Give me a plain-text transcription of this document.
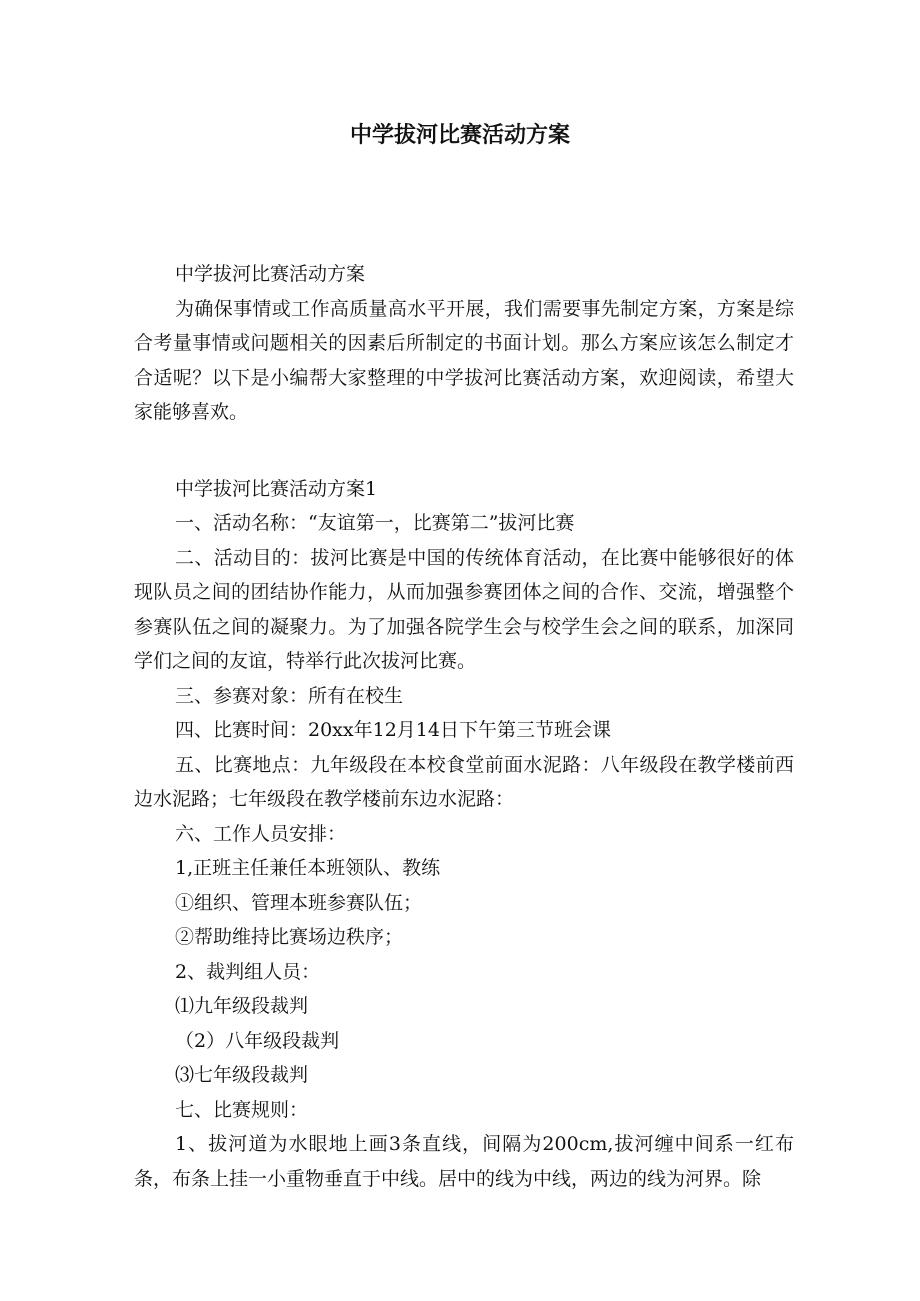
中学拔河比赛活动方案

中学拔河比赛活动方案

为确保事情或工作高质量高水平开展，我们需要事先制定方案，方案是综合考量事情或问题相关的因素后所制定的书面计划。那么方案应该怎么制定才合适呢？以下是小编帮大家整理的中学拔河比赛活动方案，欢迎阅读，希望大家能够喜欢。

中学拔河比赛活动方案1

一、活动名称：“友谊第一，比赛第二”拔河比赛

二、活动目的：拔河比赛是中国的传统体育活动，在比赛中能够很好的体现队员之间的团结协作能力，从而加强参赛团体之间的合作、交流，增强整个参赛队伍之间的凝聚力。为了加强各院学生会与校学生会之间的联系，加深同学们之间的友谊，特举行此次拔河比赛。

三、参赛对象：所有在校生

四、比赛时间：20xx年12月14日下午第三节班会课

五、比赛地点：九年级段在本校食堂前面水泥路：八年级段在教学楼前西边水泥路；七年级段在教学楼前东边水泥路：

六、工作人员安排：

1,正班主任兼任本班领队、教练

①组织、管理本班参赛队伍；

②帮助维持比赛场边秩序；

2、裁判组人员：

⑴九年级段裁判

（2）八年级段裁判

⑶七年级段裁判

七、比赛规则：

1、拔河道为水眼地上画3条直线，间隔为200cm,拔河缠中间系一红布条，布条上挂一小重物垂直于中线。居中的线为中线，两边的线为河界。除
